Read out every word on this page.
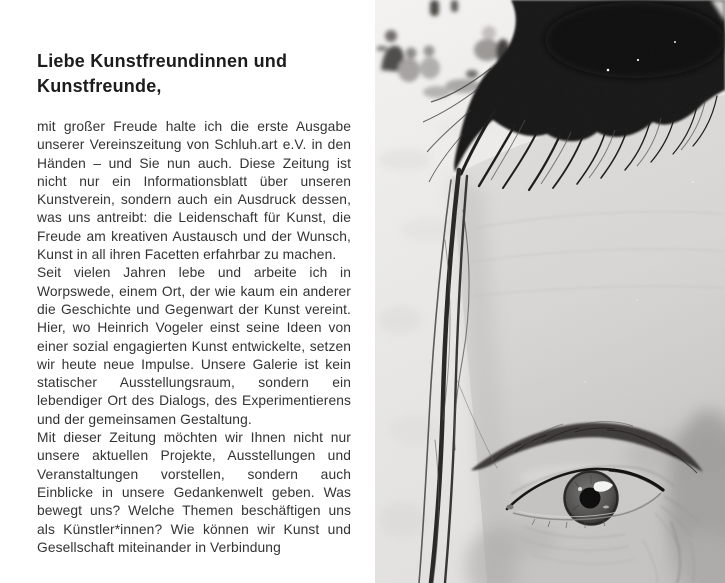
Liebe Kunstfreundinnen und Kunstfreunde,

mit großer Freude halte ich die erste Ausgabe unserer Vereinszeitung von Schluh.art e.V. in den Händen – und Sie nun auch. Diese Zeitung ist nicht nur ein Informationsblatt über unseren Kunstverein, sondern auch ein Ausdruck dessen, was uns antreibt: die Leidenschaft für Kunst, die Freude am kreativen Austausch und der Wunsch, Kunst in all ihren Facetten erfahrbar zu machen.

Seit vielen Jahren lebe und arbeite ich in Worpswede, einem Ort, der wie kaum ein anderer die Geschichte und Gegenwart der Kunst vereint. Hier, wo Heinrich Vogeler einst seine Ideen von einer sozial engagierten Kunst entwickelte, setzen wir heute neue Impulse. Unsere Galerie ist kein statischer Ausstellungsraum, sondern ein lebendiger Ort des Dialogs, des Experimentierens und der gemeinsamen Gestaltung.

Mit dieser Zeitung möchten wir Ihnen nicht nur unsere aktuellen Projekte, Ausstellungen und Veranstaltungen vorstellen, sondern auch Einblicke in unsere Gedankenwelt geben. Was bewegt uns? Welche Themen beschäftigen uns als Künstler*innen? Wie können wir Kunst und Gesellschaft miteinander in Verbindung
